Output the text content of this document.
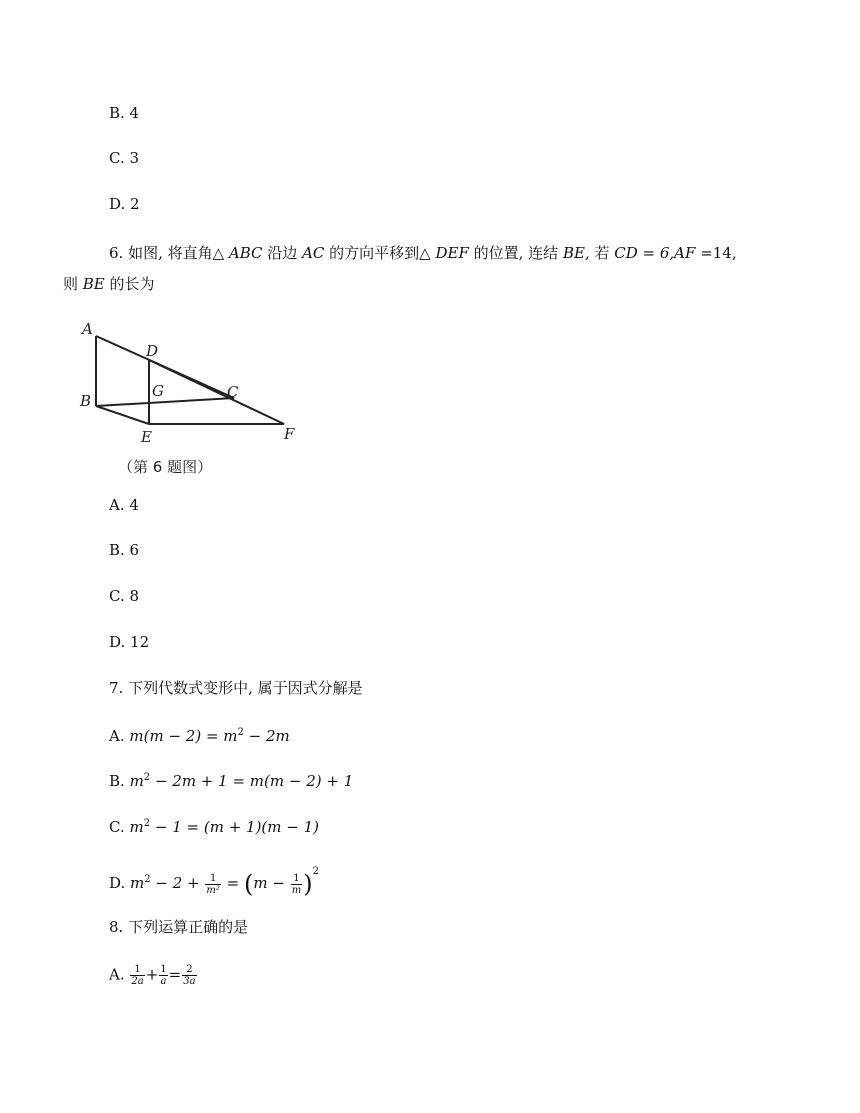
B. 4
C. 3
D. 2
6. 如图, 将直角△ ABC 沿边 AC 的方向平移到△ DEF 的位置, 连结 BE, 若 CD = 6,AF =14,
则 BE 的长为
A
D
G	C
B
E	F
（第 6 题图）
A. 4
B. 6
C. 8
D. 12
7. 下列代数式变形中, 属于因式分解是
A. $m(m - 2) = m^2 - 2m$
B. $m^2 - 2m + 1 = m(m - 2) + 1$
C. $m^2 - 1 = (m + 1)(m - 1)$
D. $m^2 - 2 + \frac{1}{\text{m²}} = (m - \frac{1}{m} )^2$
8. 下列运算正确的是
A. $\frac{1}{2a} + \frac{1}{a} = \frac{2}{3a}$
